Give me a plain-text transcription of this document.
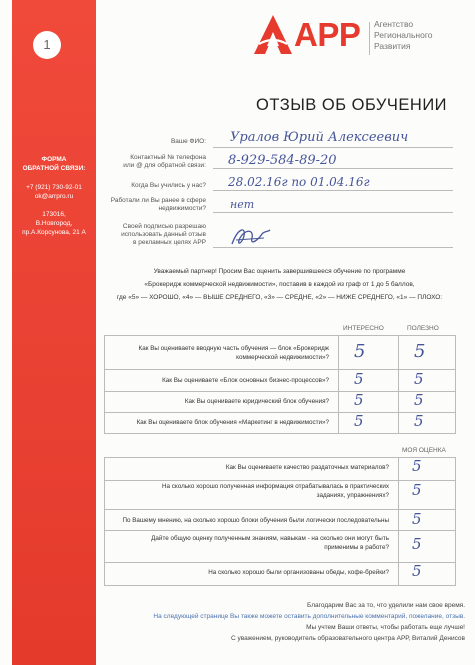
1
ФОРМА
ОБРАТНОЙ СВЯЗИ:
+7 (921) 730-92-01
ok@arrpro.ru
173016,
В.Новгород,
пр.А.Корсунова, 21 А
АРР Агентство
Регионального
Развития
ОТЗЫВ ОБ ОБУЧЕНИИ
Ваше ФИО: Уралов Юрий Алексеевич
Контактный № телефона
или @ для обратной связи: 8-929-584-89-20
Когда Вы учились у нас? 28.02.16г по 01.04.16г
Работали ли Вы ранее в сфере
недвижимости? нет
Своей подписью разрешаю
использовать данный отзыв
в рекламных целях АРР
Уважаемый партнер! Просим Вас оценить завершившееся обучение по программе
«Брокеридж коммерческой недвижимости», поставив в каждой из граф от 1 до 5 баллов,
где «5» — ХОРОШО, «4» — ВЫШЕ СРЕДНЕГО, «3» — СРЕДНЕ, «2» — НИЖЕ СРЕДНЕГО, «1» — ПЛОХО:
ИНТЕРЕСНО	ПОЛЕЗНО
Как Вы оцениваете вводную часть обучения — блок «Брокеридж
коммерческой недвижимости»? 5	5
Как Вы оцениваете «Блок основных бизнес-процессов»? 5	5
Как Вы оцениваете юридический блок обучения? 5	5
Как Вы оцениваете блок обучения «Маркетинг в недвижимости»? 5	5
МОЯ ОЦЕНКА
Как Вы оцениваете качество раздаточных материалов? 5
На сколько хорошо полученная информация отрабатывалась в практических
заданиях, упражнениях? 5
По Вашему мнению, на сколько хорошо блоки обучения были логически последовательны 5
Дайте общую оценку полученным знаниям, навыкам - на сколько они могут быть
применимы в работе? 5
На сколько хорошо были организованы обеды, кофе-брейки? 5
Благодарим Вас за то, что уделили нам свое время.
На следующей странице Вы также можете оставить дополнительные комментарий, пожелание, отзыв.
Мы учтем Ваши ответы, чтобы работать еще лучше!
С уважением, руководитель образовательного центра АРР, Виталий Денисов
